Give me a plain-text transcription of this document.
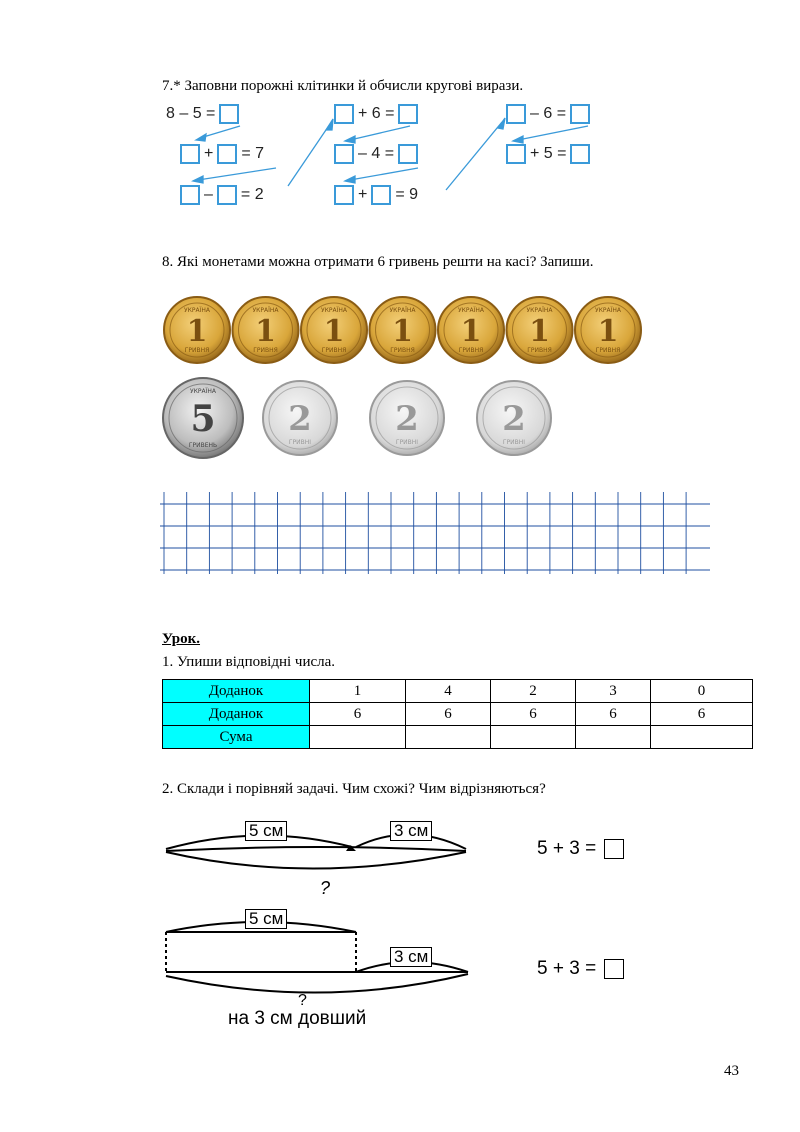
7.* Заповни порожні клітинки й обчисли кругові вирази.
8 – 5 =
+ = 7
– = 2
+ 6 =
– 4 =
+ = 9
– 6 =
+ 5 =
8. Які монетами можна отримати 6 гривень решти на касі? Запиши.
УКРАЇНА
1
ГРИВНЯ
УКРАЇНА
1
ГРИВНЯ
УКРАЇНА
1
ГРИВНЯ
УКРАЇНА
1
ГРИВНЯ
УКРАЇНА
1
ГРИВНЯ
УКРАЇНА
1
ГРИВНЯ
УКРАЇНА
1
ГРИВНЯ
УКРАЇНА
5
ГРИВЕНЬ
2
ГРИВНІ
2
ГРИВНІ
2
ГРИВНІ
Урок.
1. Упиши відповідні числа.
Доданок	1	4	2	3	0
Доданок	6	6	6	6	6
Сума					
2. Склади і порівняй задачі. Чим схожі? Чим відрізняються?
5 см	3 см
?
5 + 3 =
5 см
3 см
?
на 3 см довший
5 + 3 =
43
